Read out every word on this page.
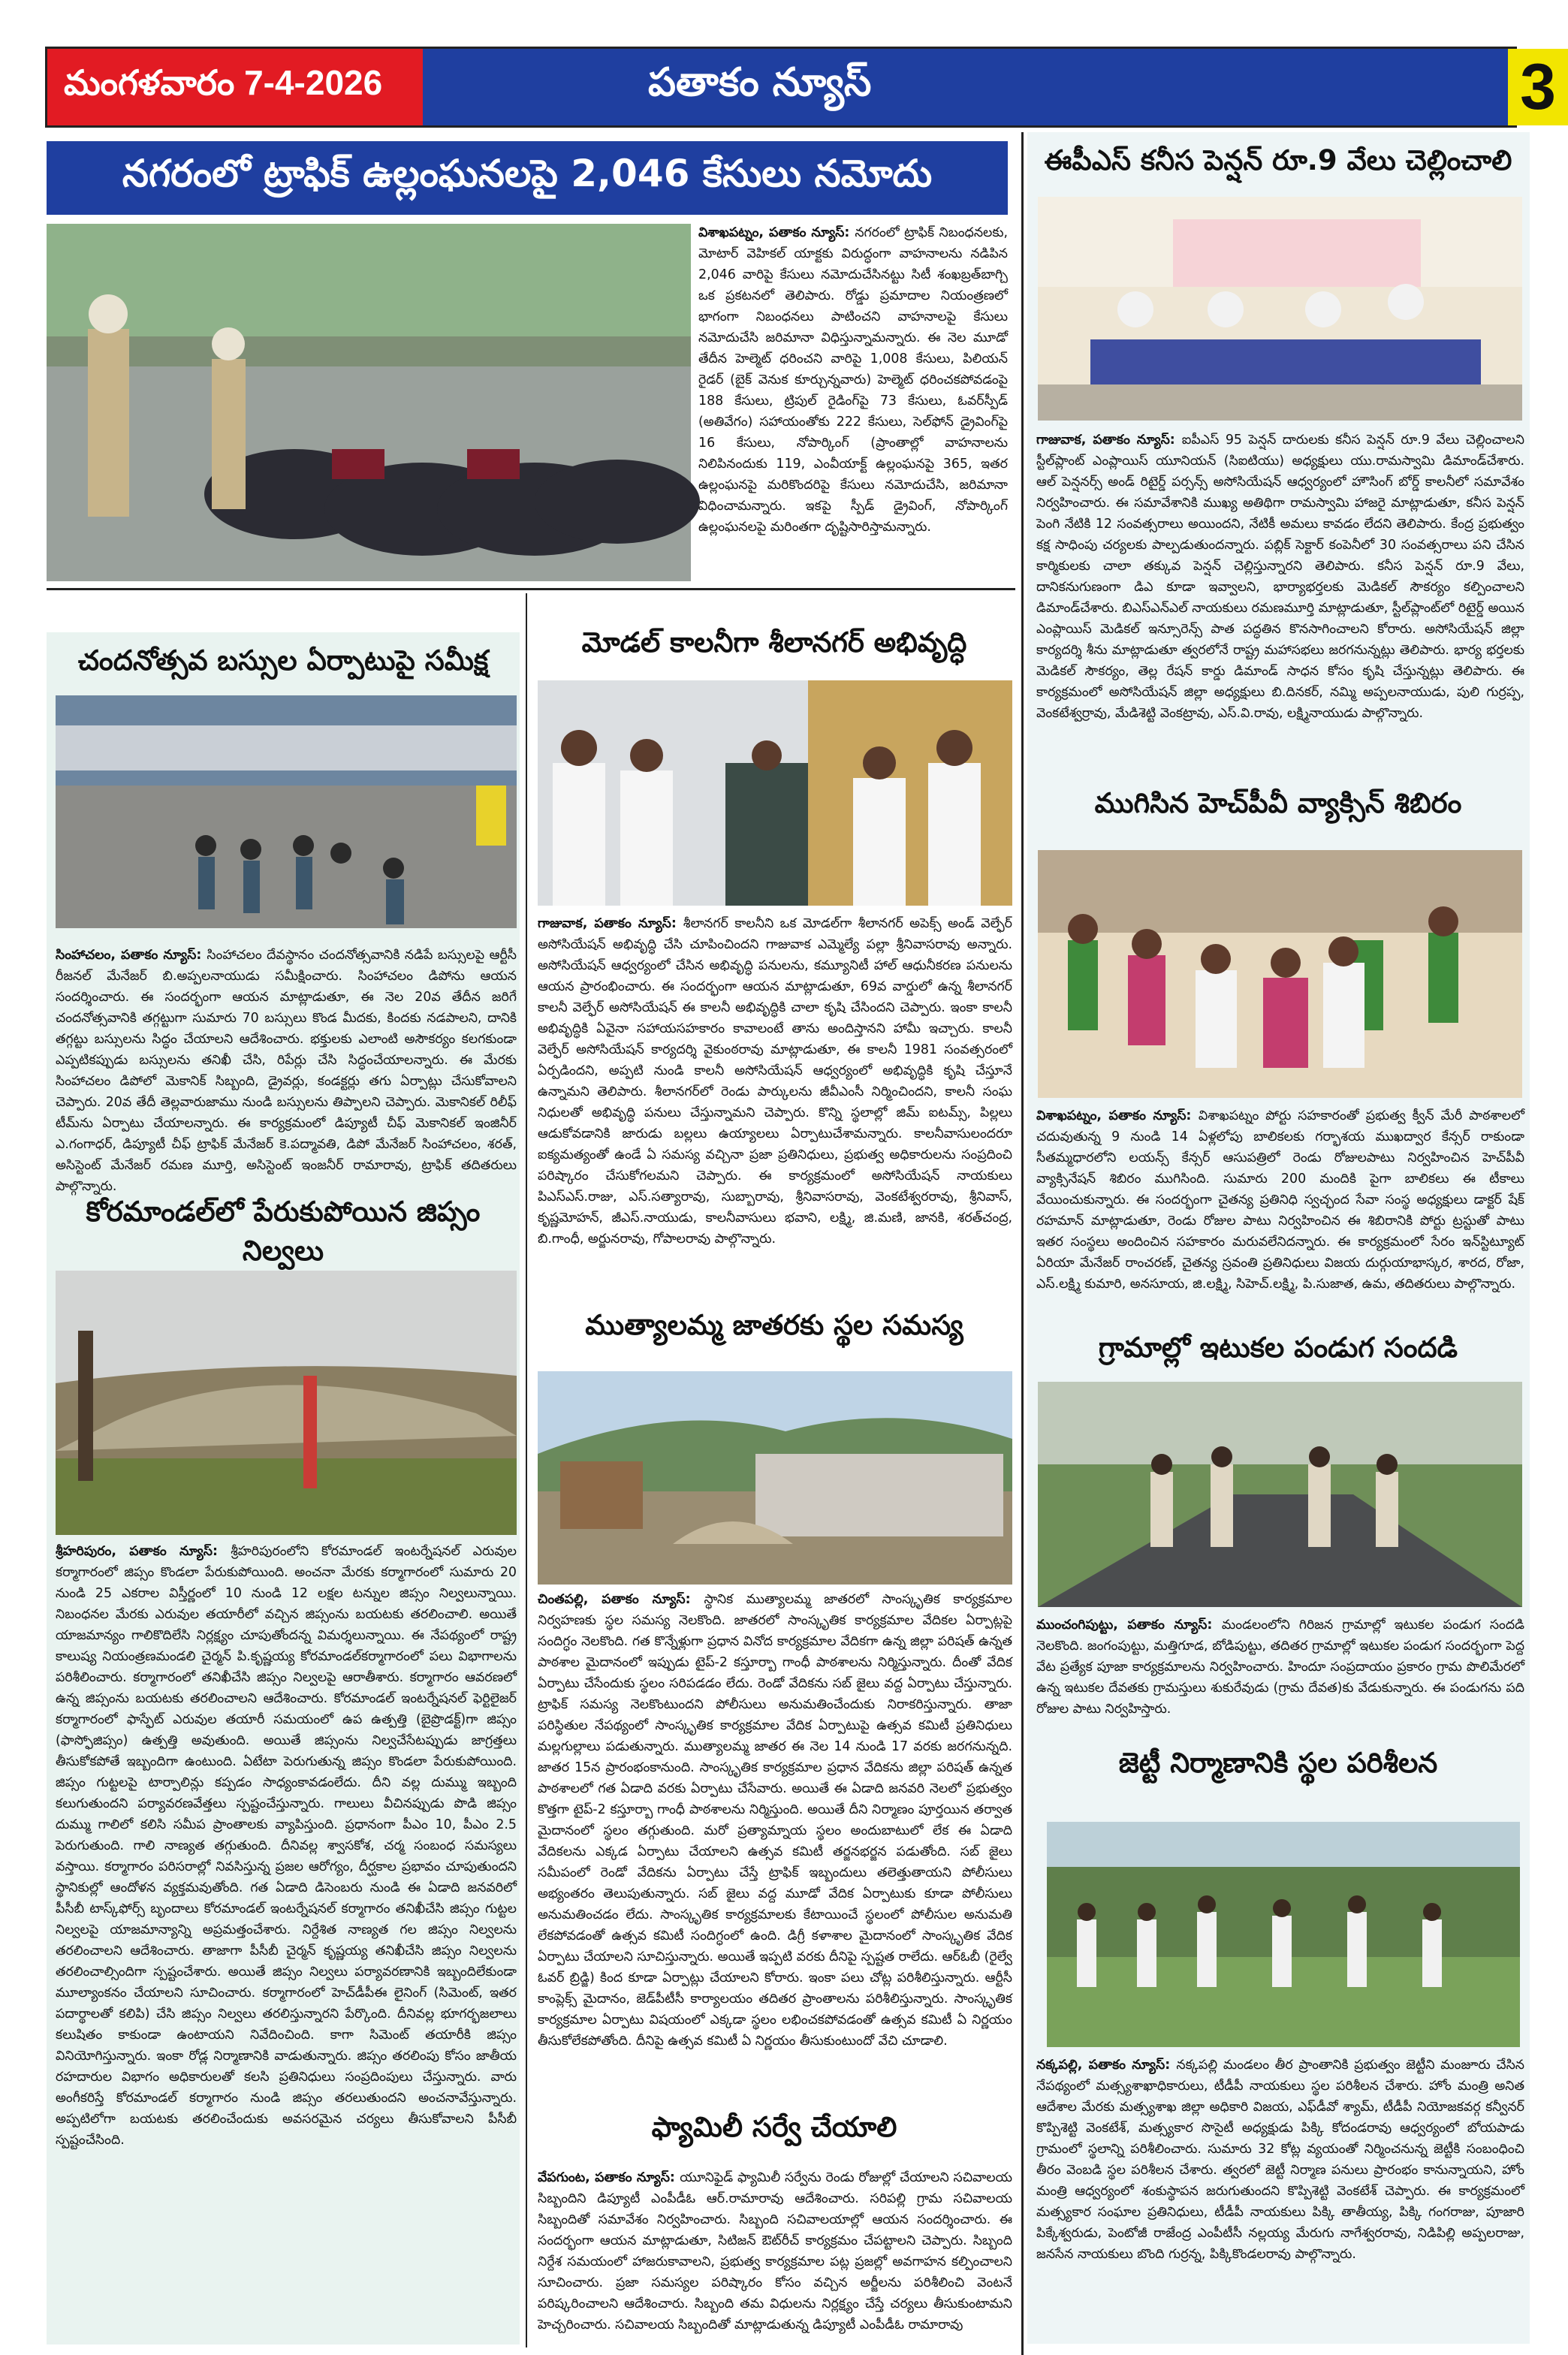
మంగళవారం 7-4-2026	పతాకం న్యూస్	3
నగరంలో ట్రాఫిక్ ఉల్లంఘనలపై 2,046 కేసులు నమోదు
విశాఖపట్నం, పతాకం న్యూస్: నగరంలో ట్రాఫిక్ నిబంధనలకు, మోటార్ వెహికల్ యాక్టకు విరుద్ధంగా వాహనాలను నడిపిన 2,046 వారిపై కేసులు నమోదుచేసినట్టు సిటీ శంఖబ్రత్‌బాగ్చి ఒక ప్రకటనలో తెలిపారు. రోడ్డు ప్రమాదాల నియంత్రణలో భాగంగా నిబంధనలు పాటించని వాహనాలపై కేసులు నమోదుచేసి జరిమానా విధిస్తున్నామన్నారు. ఈ నెల మూడో తేదీన హెల్మెట్ ధరించని వారిపై 1,008 కేసులు, పిలియన్ రైడర్ (బైక్ వెనుక కూర్చున్నవారు) హెల్మెట్ ధరించకపోవడంపై 188 కేసులు, ట్రిపుల్ రైడింగ్‌పై 73 కేసులు, ఓవర్‌స్పీడ్ (అతివేగం) సహాయంతోకు 222 కేసులు, సెల్‌ఫోన్ డ్రైవింగ్‌పై 16 కేసులు, నోపార్కింగ్ (ప్రాంతాల్లో వాహనాలను నిలిపినందుకు 119, ఎంవీయాక్ట్ ఉల్లంఘనపై 365, ఇతర ఉల్లంఘనపై మరికొందరిపై కేసులు నమోదుచేసి, జరిమానా విధించామన్నారు. ఇకపై స్పీడ్ డ్రైవింగ్, నోపార్కింగ్ ఉల్లంఘనలపై మరింతగా దృష్టిసారిస్తామన్నారు.
ఈపీఎస్ కనీస పెన్షన్ రూ.9 వేలు చెల్లించాలి
గాజువాక, పతాకం న్యూస్: ఐపీఎస్ 95 పెన్షన్ దారులకు కనీస పెన్షన్ రూ.9 వేలు చెల్లించాలని స్టీల్‌ప్లాంట్ ఎంప్లాయిస్ యూనియన్ (సిఐటియు) అధ్యక్షులు యు.రామస్వామి డిమాండ్‌చేశారు. ఆల్ పెన్షనర్స్ అండ్ రిటైర్డ్ పర్సన్స్ అసోసియేషన్ ఆధ్వర్యంలో హౌసింగ్ బోర్డ్ కాలనీలో సమావేశం నిర్వహించారు. ఈ సమావేశానికి ముఖ్య అతిథిగా రామస్వామి హాజరై మాట్లాడుతూ, కనీస పెన్షన్ పెంగి నేటికి 12 సంవత్సరాలు అయిందని, నేటికీ అమలు కావడం లేదని తెలిపారు. కేంద్ర ప్రభుత్వం కక్ష సాధింపు చర్యలకు పాల్పడుతుందన్నారు. పబ్లిక్ సెక్టార్ కంపెనీలో 30 సంవత్సరాలు పని చేసిన కార్మికులకు చాలా తక్కువ పెన్షన్ చెల్లిస్తున్నారని తెలిపారు. కనీస పెన్షన్ రూ.9 వేలు, దానికనుగుణంగా డిఎ కూడా ఇవ్వాలని, భార్యాభర్తలకు మెడికల్ సౌకర్యం కల్పించాలని డిమాండ్‌చేశారు. బిఎస్ఎన్ఎల్ నాయకులు రమణమూర్తి మాట్లాడుతూ, స్టీల్‌ప్లాంట్‌లో రిటైర్డ్ అయిన ఎంప్లాయిస్ మెడికల్ ఇన్సూరెన్స్ పాత పద్ధతిన కొనసాగించాలని కోరారు. అసోసియేషన్ జిల్లా కార్యదర్శి శీను మాట్లాడుతూ త్వరలోనే రాష్ట్ర మహాసభలు జరగనున్నట్లు తెలిపారు. భార్య భర్తలకు మెడికల్ సౌకర్యం, తెల్ల రేషన్ కార్డు డిమాండ్ సాధన కోసం కృషి చేస్తున్నట్లు తెలిపారు. ఈ కార్యక్రమంలో అసోసియేషన్ జిల్లా అధ్యక్షులు బి.దినకర్, నమ్మి అప్పలనాయుడు, పులి గుర్రప్ప, వెంకటేశ్వర్రావు, మేడిశెట్టి వెంకట్రావు, ఎస్.వి.రావు, లక్ష్మినాయుడు పాల్గొన్నారు.
ముగిసిన హెచ్‌పీవీ వ్యాక్సిన్ శిబిరం
విశాఖపట్నం, పతాకం న్యూస్: విశాఖపట్నం పోర్టు సహకారంతో ప్రభుత్వ క్వీన్ మేరీ పాఠశాలలో చదువుతున్న 9 నుండి 14 ఏళ్లలోపు బాలికలకు గర్భాశయ ముఖద్వార కేన్సర్ రాకుండా సీతమ్మధారలోని లయన్స్ కేన్సర్ ఆసుపత్రిలో రెండు రోజులపాటు నిర్వహించిన హెచ్‌పీవీ వ్యాక్సినేషన్ శిబిరం ముగిసింది. సుమారు 200 మందికి పైగా బాలికలు ఈ టీకాలు వేయించుకున్నారు. ఈ సందర్భంగా చైతన్య ప్రతినిధి స్వచ్ఛంద సేవా సంస్థ అధ్యక్షులు డాక్టర్ షేక్ రహమాన్ మాట్లాడుతూ, రెండు రోజుల పాటు నిర్వహించిన ఈ శిబిరానికి పోర్టు ట్రస్టుతో పాటు ఇతర సంస్థలు అందించిన సహకారం మరువలేనిదన్నారు. ఈ కార్యక్రమంలో సేరం ఇన్‌స్టిట్యూట్ ఏరియా మేనేజర్ రాంచరణ్, చైతన్య స్రవంతి ప్రతినిధులు విజయ దుర్గుయాభాస్కర, శారద, రోజా, ఎస్.లక్ష్మి కుమారి, అనసూయ, జి.లక్ష్మి, సిహెచ్.లక్ష్మి, పి.సుజాత, ఉమ, తదితరులు పాల్గొన్నారు.
గ్రామాల్లో ఇటుకల పండుగ సందడి
ముంచంగిపుట్టు, పతాకం న్యూస్: మండలంలోని గిరిజన గ్రామాల్లో ఇటుకల పండుగ సందడి నెలకొంది. జంగంపుట్టు, మత్తిగూడ, బోడిపుట్టు, తదితర గ్రామాల్లో ఇటుకల పండుగ సందర్భంగా పెద్ద వేట ప్రత్యేక పూజా కార్యక్రమాలను నిర్వహించారు. హిందూ సంప్రదాయం ప్రకారం గ్రామ పొలిమేరలో ఉన్న ఇటుకల దేవతకు గ్రామస్తులు శుకురేవుడు (గ్రామ దేవత)కు వేడుకున్నారు. ఈ పండుగను పది రోజుల పాటు నిర్వహిస్తారు.
జెట్టీ నిర్మాణానికి స్థల పరిశీలన
నక్కపల్లి, పతాకం న్యూస్: నక్కపల్లి మండలం తీర ప్రాంతానికి ప్రభుత్వం జెట్టీని మంజూరు చేసిన నేపథ్యంలో మత్స్యశాఖాధికారులు, టీడీపీ నాయకులు స్థల పరిశీలన చేశారు. హోం మంత్రి అనిత ఆదేశాల మేరకు మత్స్యశాఖ జిల్లా అధికారి విజయ, ఎఫ్‌డీవో శ్యామ్, టీడీపీ నియోజకవర్గ కన్వీనర్ కొప్పిశెట్టి వెంకటేశ్, మత్స్యకార సొసైటీ అధ్యక్షుడు పిక్కి కోదండరావు ఆధ్వర్యంలో బోయపాడు గ్రామంలో స్థలాన్ని పరిశీలించారు. సుమారు 32 కోట్ల వ్యయంతో నిర్మించనున్న జెట్టీకి సంబంధించి తీరం వెంబడి స్థల పరిశీలన చేశారు. త్వరలో జెట్టీ నిర్మాణ పనులు ప్రారంభం కానున్నాయని, హోం మంత్రి ఆధ్వర్యంలో శంకుస్థాపన జరుగుతుందని కొప్పిశెట్టి వెంకటేశ్ చెప్పారు. ఈ కార్యక్రమంలో మత్స్యకార సంఘాల ప్రతినిధులు, టీడీపీ నాయకులు పిక్కి తాతీయ్య, పిక్కి గంగరాజు, పూజారి పిక్కేశ్వరుడు, పెంటోజీ రాజేంద్ర ఎంపీటీసీ నల్లయ్య మేరుగు నాగేశ్వరరావు, నిడిపిల్లి అప్పలరాజు, జనసేన నాయకులు బొంది గుర్రన్న, పిక్కికొండలరావు పాల్గొన్నారు.
చందనోత్సవ బస్సుల ఏర్పాటుపై సమీక్ష
సింహాచలం, పతాకం న్యూస్: సింహాచలం దేవస్థానం చందనోత్సవానికి నడిపే బస్సులపై ఆర్టీసీ రీజనల్ మేనేజర్ బి.అప్పలనాయుడు సమీక్షించారు. సింహాచలం డిపోను ఆయన సందర్శించారు. ఈ సందర్భంగా ఆయన మాట్లాడుతూ, ఈ నెల 20వ తేదీన జరిగే చందనోత్సవానికి తగ్గట్టుగా సుమారు 70 బస్సులు కొండ మీదకు, కిందకు నడపాలని, దానికి తగ్గట్టు బస్సులను సిద్ధం చేయాలని ఆదేశించారు. భక్తులకు ఎలాంటి అసౌకర్యం కలగకుండా ఎప్పటికప్పుడు బస్సులను తనిఖీ చేసి, రిపేర్లు చేసి సిద్ధంచేయాలన్నారు. ఈ మేరకు సింహాచలం డిపోలో మెకానిక్ సిబ్బంది, డ్రైవర్లు, కండక్టర్లు తగు ఏర్పాట్లు చేసుకోవాలని చెప్పారు. 20వ తేదీ తెల్లవారుజాము నుండి బస్సులను తిప్పాలని చెప్పారు. మెకానికల్ రిలీఫ్ టీమ్‌ను ఏర్పాటు చేయాలన్నారు. ఈ కార్యక్రమంలో డిప్యూటీ చీఫ్ మెకానికల్ ఇంజినీర్ ఎ.గంగాధర్, డిప్యూటీ చీఫ్ ట్రాఫిక్ మేనేజర్ కె.పద్మావతి, డిపో మేనేజర్ సింహాచలం, శరత్, అసిస్టెంట్ మేనేజర్ రమణ మూర్తి, అసిస్టెంట్ ఇంజనీర్ రామారావు, ట్రాఫిక్ తదితరులు పాల్గొన్నారు.
కోరమాండల్‌లో పేరుకుపోయిన జిప్సం నిల్వలు
శ్రీహరిపురం, పతాకం న్యూస్: శ్రీహరిపురంలోని కోరమాండల్ ఇంటర్నేషనల్ ఎరువుల కర్మాగారంలో జిప్సం కొండలా పేరుకుపోయింది. అంచనా మేరకు కర్మాగారంలో సుమారు 20 నుండి 25 ఎకరాల విస్తీర్ణంలో 10 నుండి 12 లక్షల టన్నుల జిప్సం నిల్వలున్నాయి. నిబంధనల మేరకు ఎరువుల తయారీలో వచ్చిన జిప్సంను బయటకు తరలించాలి. అయితే యాజమాన్యం గాలికొదిలేసి నిర్లక్ష్యం చూపుతోందన్న విమర్శలున్నాయి. ఈ నేపథ్యంలో రాష్ట్ర కాలుష్య నియంత్రణమండలి చైర్మన్ పి.కృష్ణయ్య కోరమాండల్‌కర్మాగారంలో పలు విభాగాలను పరిశీలించారు. కర్మాగారంలో తనిఖీచేసి జిప్సం నిల్వలపై ఆరాతీశారు. కర్మాగారం ఆవరణలో ఉన్న జిప్సంను బయటకు తరలించాలని ఆదేశించారు. కోరమాండల్ ఇంటర్నేషనల్ ఫెర్టిలైజర్ కర్మాగారంలో ఫాస్ఫేట్ ఎరువుల తయారీ సమయంలో ఉప ఉత్పత్తి (బైప్రొడక్ట్)గా జిప్సం (ఫాస్ఫోజిప్సం) ఉత్పత్తి అవుతుంది. అయితే జిప్సంను నిల్వచేసేటప్పుడు జాగ్రత్తలు తీసుకోకపోతే ఇబ్బందిగా ఉంటుంది. ఏటేటా పెరుగుతున్న జిప్సం కొండలా పేరుకుపోయింది. జిప్సం గుట్టలపై టార్పాలిన్లు కప్పడం సాధ్యంకావడంలేదు. దీని వల్ల దుమ్ము ఇబ్బంది కలుగుతుందని పర్యావరణవేత్తలు స్పష్టంచేస్తున్నారు. గాలులు వీచినప్పుడు పొడి జిప్సం దుమ్ము గాలిలో కలిసి సమీప ప్రాంతాలకు వ్యాపిస్తుంది. ప్రధానంగా పీఎం 10, పీఎం 2.5 పెరుగుతుంది. గాలి నాణ్యత తగ్గుతుంది. దీనివల్ల శ్వాసకోశ, చర్మ సంబంధ సమస్యలు వస్తాయి. కర్మాగారం పరిసరాల్లో నివసిస్తున్న ప్రజల ఆరోగ్యం, దీర్ఘకాల ప్రభావం చూపుతుందని స్థానికుల్లో ఆందోళన వ్యక్తమవుతోంది. గత ఏడాది డిసెంబరు నుండి ఈ ఏడాది జనవరిలో పీసీబీ టాస్క్‌ఫోర్స్ బృందాలు కోరమాండల్ ఇంటర్నేషనల్ కర్మాగారం తనిఖీచేసి జిప్సం గుట్టల నిల్వలపై యాజమాన్యాన్ని అప్రమత్తంచేశారు. నిర్దేశిత నాణ్యత గల జిప్సం నిల్వలను తరలించాలని ఆదేశించారు. తాజాగా పీసీబీ చైర్మన్ కృష్ణయ్య తనిఖీచేసి జిప్సం నిల్వలను తరలించాల్సిందిగా స్పష్టంచేశారు. అయితే జిప్సం నిల్వలు పర్యావరణానికి ఇబ్బందిలేకుండా మూల్యాంకనం చేయాలని సూచించారు. కర్మాగారంలో హెచ్‌డీపీఈ లైనింగ్ (సిమెంట్, ఇతర పదార్థాలతో కలిపి) చేసి జిప్సం నిల్వలు తరలిస్తున్నారని పేర్కొంది. దీనివల్ల భూగర్భజలాలు కలుషితం కాకుండా ఉంటాయని నివేదించింది. కాగా సిమెంట్ తయారీకి జిప్సం వినియోగిస్తున్నారు. ఇంకా రోడ్ల నిర్మాణానికి వాడుతున్నారు. జిప్సం తరలింపు కోసం జాతీయ రహదారుల విభాగం అధికారులతో కలసి ప్రతినిధులు సంప్రదింపులు చేస్తున్నారు. వారు అంగీకరిస్తే కోరమాండల్ కర్మాగారం నుండి జిప్సం తరలుతుందని అంచనావేస్తున్నారు. అప్పటిలోగా బయటకు తరలించేందుకు అవసరమైన చర్యలు తీసుకోవాలని పీసీబీ స్పష్టంచేసింది.
మోడల్ కాలనీగా శీలానగర్ అభివృద్ధి
గాజువాక, పతాకం న్యూస్: శీలానగర్ కాలనీని ఒక మోడల్‌గా శీలానగర్ అపెక్స్ అండ్ వెల్ఫేర్ అసోసియేషన్ అభివృద్ధి చేసి చూపించిందని గాజువాక ఎమ్మెల్యే పల్లా శ్రీనివాసరావు అన్నారు. అసోసియేషన్ ఆధ్వర్యంలో చేసిన అభివృద్ధి పనులను, కమ్యూనిటీ హాల్ ఆధునీకరణ పనులను ఆయన ప్రారంభించారు. ఈ సందర్భంగా ఆయన మాట్లాడుతూ, 69వ వార్డులో ఉన్న శీలానగర్ కాలనీ వెల్ఫేర్ అసోసియేషన్ ఈ కాలనీ అభివృద్ధికి చాలా కృషి చేసిందని చెప్పారు. ఇంకా కాలనీ అభివృద్ధికి ఏవైనా సహాయసహకారం కావాలంటే తాను అందిస్తానని హామీ ఇచ్చారు. కాలనీ వెల్ఫేర్ అసోసియేషన్ కార్యదర్శి వైకుంఠరావు మాట్లాడుతూ, ఈ కాలనీ 1981 సంవత్సరంలో ఏర్పడిందని, అప్పటి నుండి కాలనీ అసోసియేషన్ ఆధ్వర్యంలో అభివృద్ధికి కృషి చేస్తూనే ఉన్నామని తెలిపారు. శీలానగర్‌లో రెండు పార్కులను జీవీఎంసీ నిర్మించిందని, కాలనీ సంఘ నిధులతో అభివృద్ధి పనులు చేస్తున్నామని చెప్పారు. కొన్ని స్థలాల్లో జిమ్ ఐటమ్స్, పిల్లలు ఆడుకోవడానికి జారుడు బల్లలు ఉయ్యాలలు ఏర్పాటుచేశామన్నారు. కాలనీవాసులందరూ ఐక్యమత్యంతో ఉండే ఏ సమస్య వచ్చినా ప్రజా ప్రతినిధులు, ప్రభుత్వ అధికారులను సంప్రదించి పరిష్కారం చేసుకోగలమని చెప్పారు. ఈ కార్యక్రమంలో అసోసియేషన్ నాయకులు పిఎస్ఎస్.రాజు, ఎస్.సత్యారావు, సుబ్బారావు, శ్రీనివాసరావు, వెంకటేశ్వరరావు, శ్రీనివాస్, కృష్ణమోహన్, జీఎస్.నాయుడు, కాలనీవాసులు భవాని, లక్ష్మి, జి.మణి, జానకి, శరత్‌చంద్ర, బి.గాంధీ, అర్జునరావు, గోపాలరావు పాల్గొన్నారు.
ముత్యాలమ్మ జాతరకు స్థల సమస్య
చింతపల్లి, పతాకం న్యూస్: స్థానిక ముత్యాలమ్మ జాతరలో సాంస్కృతిక కార్యక్రమాల నిర్వహణకు స్థల సమస్య నెలకొంది. జాతరలో సాంస్కృతిక కార్యక్రమాల వేదికల ఏర్పాట్లపై సందిగ్ధం నెలకొంది. గత కొన్నేళ్లుగా ప్రధాన వినోద కార్యక్రమాల వేదికగా ఉన్న జిల్లా పరిషత్ ఉన్నత పాఠశాల మైదానంలో ఇప్పుడు టైప్-2 కస్తూర్బా గాంధీ పాఠశాలను నిర్మిస్తున్నారు. దీంతో వేదిక ఏర్పాటు చేసేందుకు స్థలం సరిపడడం లేదు. రెండో వేదికను సబ్ జైలు వద్ద ఏర్పాటు చేస్తున్నారు. ట్రాఫిక్ సమస్య నెలకొంటుందని పోలీసులు అనుమతించేందుకు నిరాకరిస్తున్నారు. తాజా పరిస్థితుల నేపథ్యంలో సాంస్కృతిక కార్యక్రమాల వేదిక ఏర్పాటుపై ఉత్సవ కమిటీ ప్రతినిధులు మల్లగుల్లాలు పడుతున్నారు. ముత్యాలమ్మ జాతర ఈ నెల 14 నుండి 17 వరకు జరగనున్నది. జాతర 15న ప్రారంభంకానుంది. సాంస్కృతిక కార్యక్రమాల ప్రధాన వేదికను జిల్లా పరిషత్ ఉన్నత పాఠశాలలో గత ఏడాది వరకు ఏర్పాటు చేసేవారు. అయితే ఈ ఏడాది జనవరి నెలలో ప్రభుత్వం కొత్తగా టైప్-2 కస్తూర్బా గాంధీ పాఠశాలను నిర్మిస్తుంది. అయితే దీని నిర్మాణం పూర్తయిన తర్వాత మైదానంలో స్థలం తగ్గుతుంది. మరో ప్రత్యామ్నాయ స్థలం అందుబాటులో లేక ఈ ఏడాది వేదికలను ఎక్కడ ఏర్పాటు చేయాలని ఉత్సవ కమిటీ తర్జనభర్జన పడుతోంది. సబ్ జైలు సమీపంలో రెండో వేదికను ఏర్పాటు చేస్తే ట్రాఫిక్ ఇబ్బందులు తలెత్తుతాయని పోలీసులు అభ్యంతరం తెలుపుతున్నారు. సబ్ జైలు వద్ద మూడో వేదిక ఏర్పాటుకు కూడా పోలీసులు అనుమతించడం లేదు. సాంస్కృతిక కార్యక్రమాలకు కేటాయించే స్థలంలో పోలీసుల అనుమతి లేకపోవడంతో ఉత్సవ కమిటీ సందిగ్ధంలో ఉంది. డిగ్రీ కళాశాల మైదానంలో సాంస్కృతిక వేదిక ఏర్పాటు చేయాలని సూచిస్తున్నారు. అయితే ఇప్పటి వరకు దీనిపై స్పష్టత రాలేదు. ఆర్ఓబీ (రైల్వే ఓవర్ బ్రిడ్జి) కింద కూడా ఏర్పాట్లు చేయాలని కోరారు. ఇంకా పలు చోట్ల పరిశీలిస్తున్నారు. ఆర్టీసీ కాంప్లెక్స్ మైదానం, జెడ్‌పీటీసీ కార్యాలయం తదితర ప్రాంతాలను పరిశీలిస్తున్నారు. సాంస్కృతిక కార్యక్రమాల ఏర్పాటు విషయంలో ఎక్కడా స్థలం లభించకపోవడంతో ఉత్సవ కమిటీ ఏ నిర్ణయం తీసుకోలేకపోతోంది. దీనిపై ఉత్సవ కమిటీ ఏ నిర్ణయం తీసుకుంటుందో వేచి చూడాలి.
ఫ్యామిలీ సర్వే చేయాలి
వేపగుంట, పతాకం న్యూస్: యూనిఫైడ్ ఫ్యామిలీ సర్వేను రెండు రోజుల్లో చేయాలని సచివాలయ సిబ్బందిని డిప్యూటీ ఎంపీడీఓ ఆర్.రామారావు ఆదేశించారు. సరిపల్లి గ్రామ సచివాలయ సిబ్బందితో సమావేశం నిర్వహించారు. సిబ్బంది సచివాలయాల్లో ఆయన సందర్శించారు. ఈ సందర్భంగా ఆయన మాట్లాడుతూ, సిటిజన్ ఔట్‌రీచ్ కార్యక్రమం చేపట్టాలని చెప్పారు. సిబ్బంది నిర్దేశ సమయంలో హాజరుకావాలని, ప్రభుత్వ కార్యక్రమాల పట్ల ప్రజల్లో అవగాహన కల్పించాలని సూచించారు. ప్రజా సమస్యల పరిష్కారం కోసం వచ్చిన అర్జీలను పరిశీలించి వెంటనే పరిష్కరించాలని ఆదేశించారు. సిబ్బంది తమ విధులను నిర్లక్ష్యం చేస్తే చర్యలు తీసుకుంటామని హెచ్చరించారు. సచివాలయ సిబ్బందితో మాట్లాడుతున్న డిప్యూటీ ఎంపీడీఓ రామారావు
